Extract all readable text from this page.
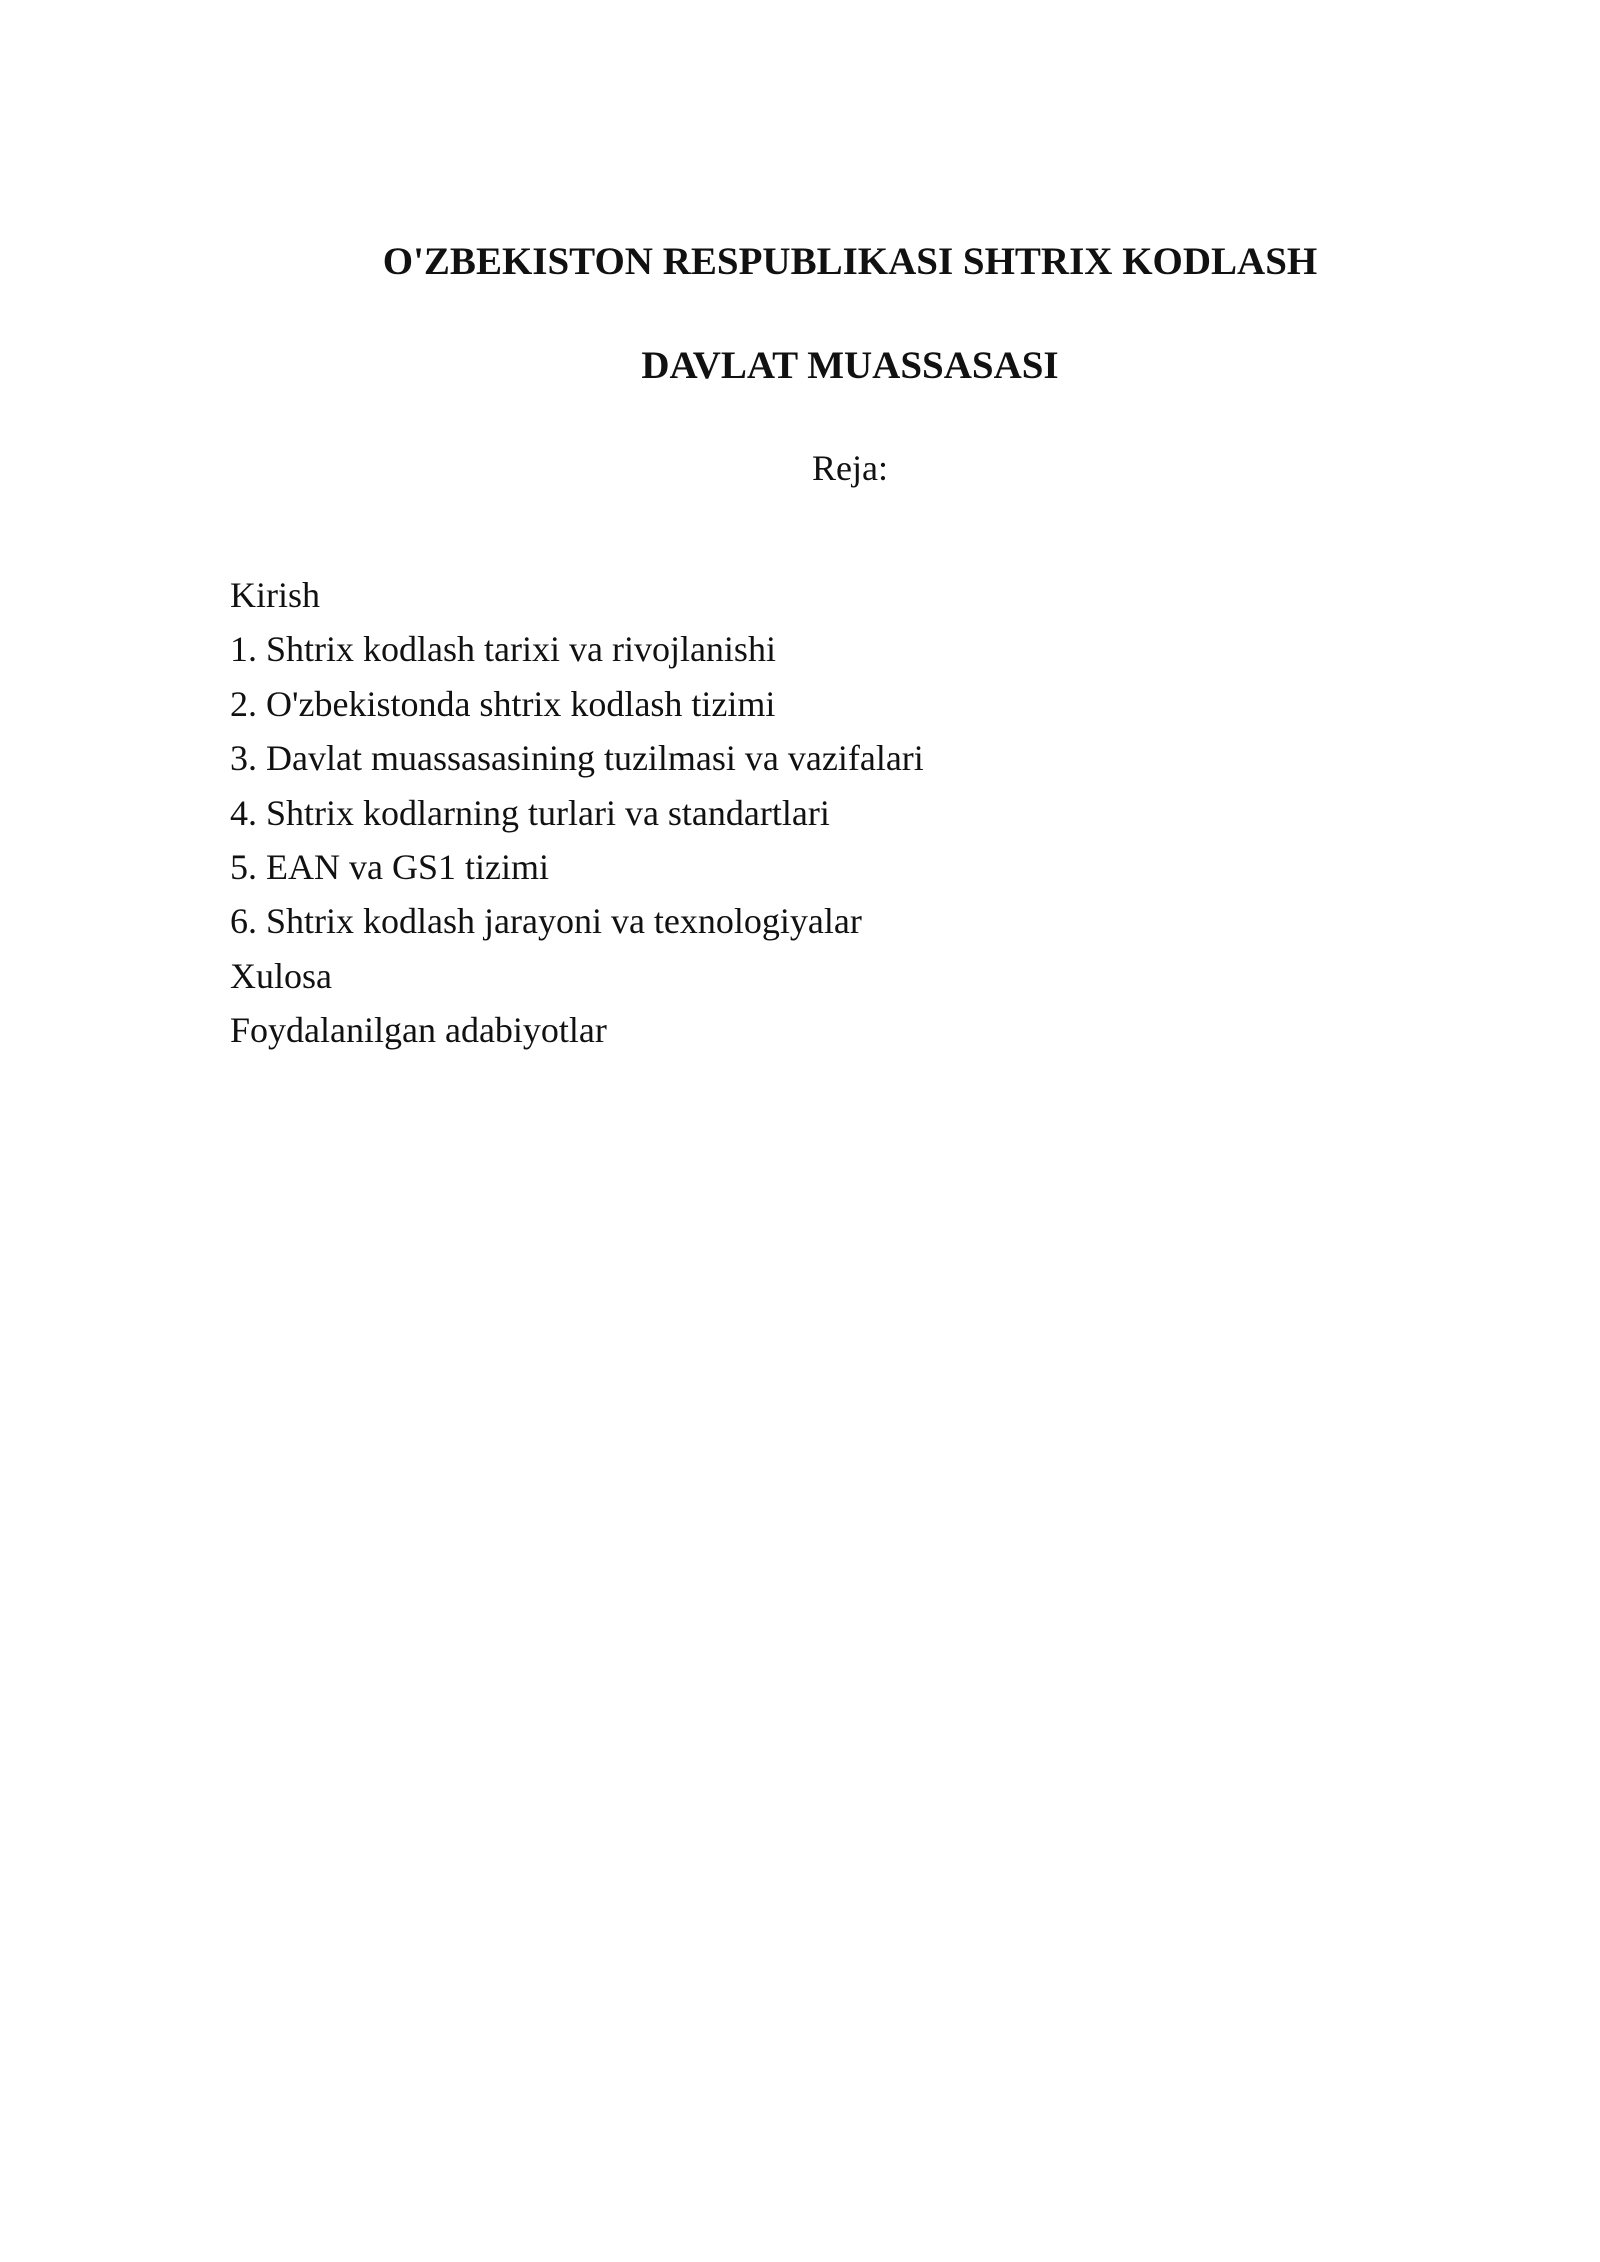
O'ZBEKISTON RESPUBLIKASI SHTRIX KODLASH
DAVLAT MUASSASASI
Reja:
Kirish
1. Shtrix kodlash tarixi va rivojlanishi
2. O'zbekistonda shtrix kodlash tizimi
3. Davlat muassasasining tuzilmasi va vazifalari
4. Shtrix kodlarning turlari va standartlari
5. EAN va GS1 tizimi
6. Shtrix kodlash jarayoni va texnologiyalar
Xulosa
Foydalanilgan adabiyotlar
